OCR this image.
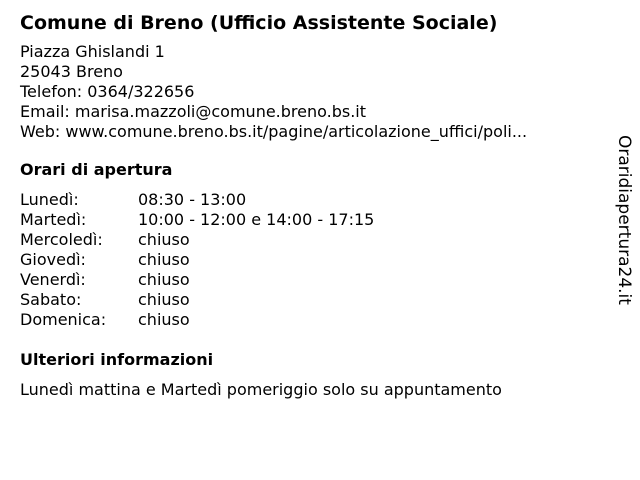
Comune di Breno (Ufficio Assistente Sociale)
Piazza Ghislandi 1
25043 Breno
Telefon: 0364/322656
Email: marisa.mazzoli@comune.breno.bs.it
Web: www.comune.breno.bs.it/pagine/articolazione_uffici/poli...
Orari di apertura
Lunedì:	08:30 - 13:00
Martedì:	10:00 - 12:00 e 14:00 - 17:15
Mercoledì: chiuso
Giovedì:	chiuso
Venerdì:	chiuso
Sabato:	chiuso
Domenica: chiuso
Ulteriori informazioni
Lunedì mattina e Martedì pomeriggio solo su appuntamento
Oraridiapertura24.it
